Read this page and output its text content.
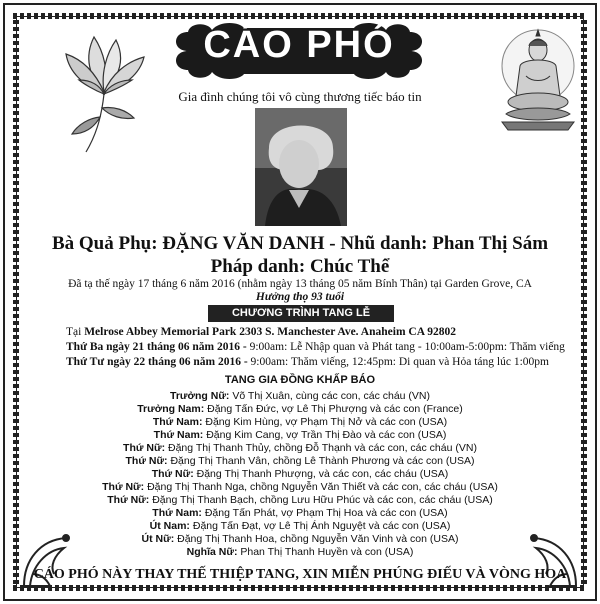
CÁO PHÓ
Gia đình chúng tôi vô cùng thương tiếc báo tin
Bà Quả Phụ: ĐẶNG VĂN DANH - Nhũ danh: Phan Thị Sám
Pháp danh: Chúc Thể
Đã tạ thế ngày 17 tháng 6 năm 2016 (nhằm ngày 13 tháng 05 năm Bính Thân) tại Garden Grove, CA
Hưởng thọ 93 tuổi
CHƯƠNG TRÌNH TANG LỄ
Tại Melrose Abbey Memorial Park 2303 S. Manchester Ave. Anaheim CA 92802
Thứ Ba ngày 21 tháng 06 năm 2016 - 9:00am: Lễ Nhập quan và Phát tang - 10:00am-5:00pm: Thăm viếng
Thứ Tư ngày 22 tháng 06 năm 2016 - 9:00am: Thăm viếng, 12:45pm: Di quan và Hỏa táng lúc 1:00pm
TANG GIA ĐỒNG KHẤP BÁO
Trưởng Nữ: Võ Thị Xuân, cùng các con, các cháu (VN)
Trưởng Nam: Đặng Tấn Đức, vợ Lê Thị Phượng và các con (France)
Thứ Nam: Đặng Kim Hùng, vợ Phạm Thị Nở và các con (USA)
Thứ Nam: Đặng Kim Cang, vợ Trần Thị Đào và các con (USA)
Thứ Nữ: Đặng Thị Thanh Thủy, chồng Đỗ Thạnh và các con, các cháu (VN)
Thứ Nữ: Đặng Thị Thanh Vân, chồng Lê Thành Phương và các con (USA)
Thứ Nữ: Đặng Thị Thanh Phượng, và các con, các cháu (USA)
Thứ Nữ: Đặng Thị Thanh Nga, chồng Nguyễn Văn Thiết và các con, các cháu (USA)
Thứ Nữ: Đặng Thị Thanh Bạch, chồng Lưu Hữu Phúc và các con, các cháu (USA)
Thứ Nam: Đặng Tấn Phát, vợ Phạm Thị Hoa và các con (USA)
Út Nam: Đặng Tấn Đạt, vợ Lê Thị Ánh Nguyệt và các con (USA)
Út Nữ: Đặng Thị Thanh Hoa, chồng Nguyễn Văn Vinh và con (USA)
Nghĩa Nữ: Phan Thị Thanh Huyền và con (USA)
CÁO PHÓ NÀY THAY THẾ THIỆP TANG, XIN MIỄN PHÚNG ĐIẾU VÀ VÒNG HOA
